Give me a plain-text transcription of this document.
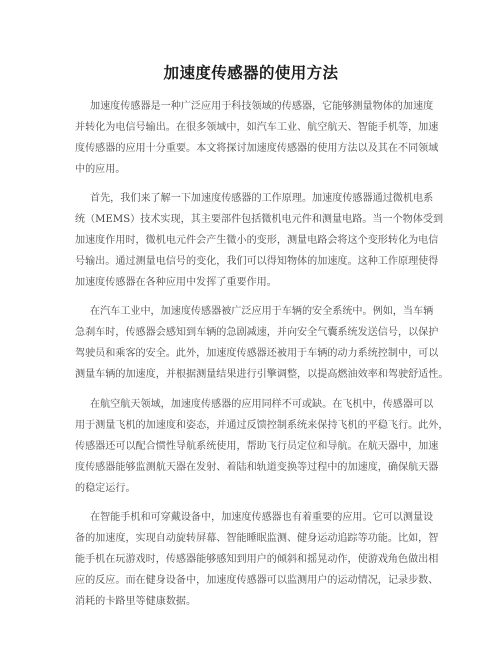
加速度传感器的使用方法
加速度传感器是一种广泛应用于科技领域的传感器，它能够测量物体的加速度
并转化为电信号输出。在很多领域中，如汽车工业、航空航天、智能手机等，加速
度传感器的应用十分重要。本文将探讨加速度传感器的使用方法以及其在不同领域
中的应用。
首先，我们来了解一下加速度传感器的工作原理。加速度传感器通过微机电系
统（MEMS）技术实现，其主要部件包括微机电元件和测量电路。当一个物体受到
加速度作用时，微机电元件会产生微小的变形，测量电路会将这个变形转化为电信
号输出。通过测量电信号的变化，我们可以得知物体的加速度。这种工作原理使得
加速度传感器在各种应用中发挥了重要作用。
在汽车工业中，加速度传感器被广泛应用于车辆的安全系统中。例如，当车辆
急刹车时，传感器会感知到车辆的急剧减速，并向安全气囊系统发送信号，以保护
驾驶员和乘客的安全。此外，加速度传感器还被用于车辆的动力系统控制中，可以
测量车辆的加速度，并根据测量结果进行引擎调整，以提高燃油效率和驾驶舒适性。
在航空航天领域，加速度传感器的应用同样不可或缺。在飞机中，传感器可以
用于测量飞机的加速度和姿态，并通过反馈控制系统来保持飞机的平稳飞行。此外，
传感器还可以配合惯性导航系统使用，帮助飞行员定位和导航。在航天器中，加速
度传感器能够监测航天器在发射、着陆和轨道变换等过程中的加速度，确保航天器
的稳定运行。
在智能手机和可穿戴设备中，加速度传感器也有着重要的应用。它可以测量设
备的加速度，实现自动旋转屏幕、智能睡眠监测、健身运动追踪等功能。比如，智
能手机在玩游戏时，传感器能够感知到用户的倾斜和摇晃动作，使游戏角色做出相
应的反应。而在健身设备中，加速度传感器可以监测用户的运动情况，记录步数、
消耗的卡路里等健康数据。
